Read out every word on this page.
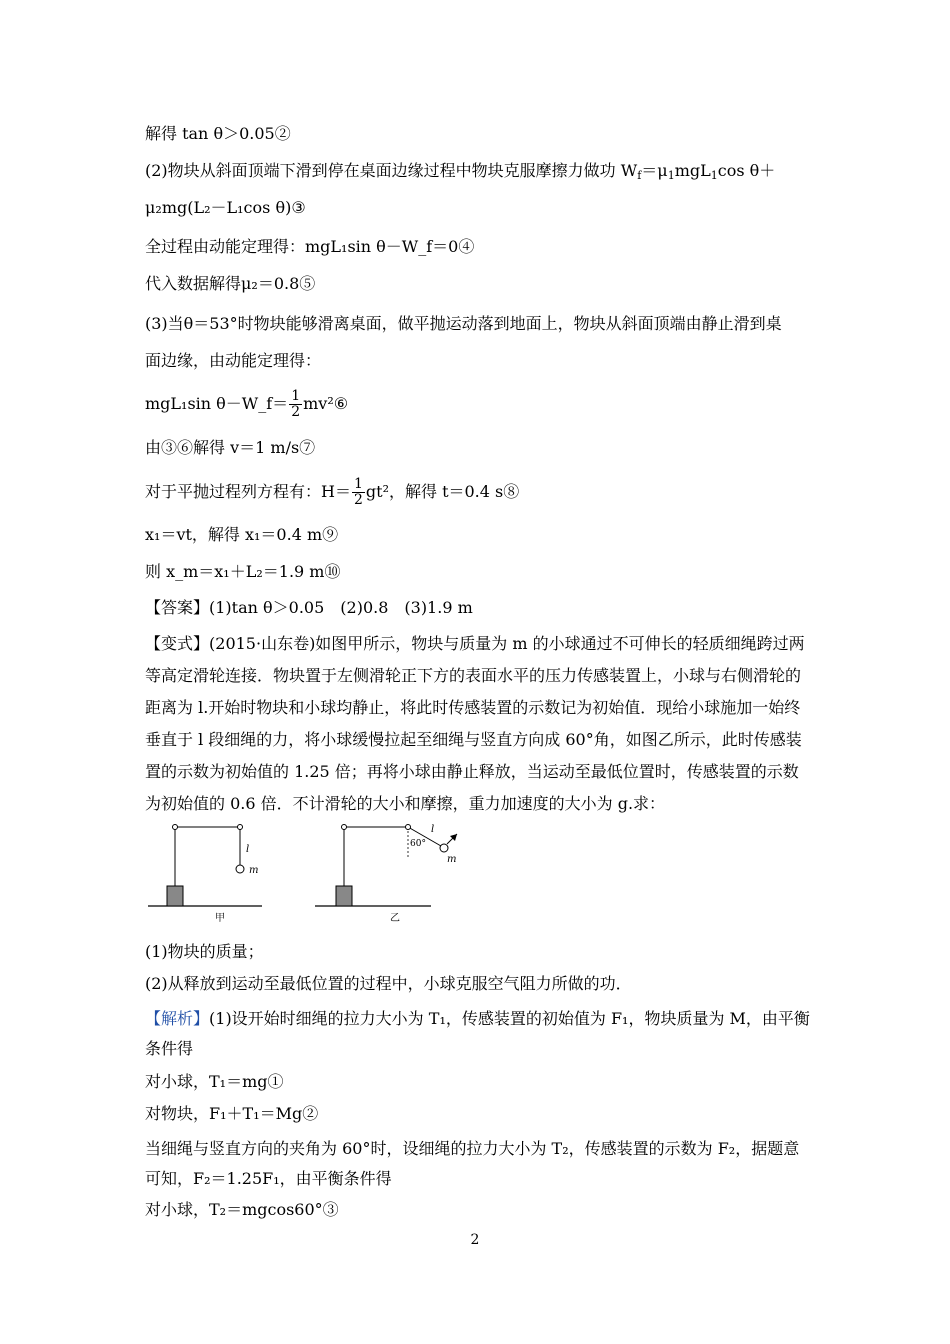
解得 tan θ＞0.05②
(2)物块从斜面顶端下滑到停在桌面边缘过程中物块克服摩擦力做功 $W_f=\mu_1mgL_1\cos$ θ＋
μ₂mg(L₂－L₁cos θ)③
全过程由动能定理得：mgL₁sin θ－W_f＝0④
代入数据解得μ₂＝0.8⑤
(3)当θ＝53°时物块能够滑离桌面，做平抛运动落到地面上，物块从斜面顶端由静止滑到桌
面边缘，由动能定理得：
mgL₁sin θ－W_f＝ $\frac{1}{2}$ mv²⑥
由③⑥解得 v＝1 m/s⑦
对于平抛过程列方程有：$H= \frac{1}{2} gt^2$，解得 t＝0.4 s⑧
x₁＝vt，解得 x₁＝0.4 m⑨
则 x_m＝x₁＋L₂＝1.9 m⑩
【答案】(1)tan θ＞0.05　(2)0.8　(3)1.9 m
【变式】(2015·山东卷)如图甲所示，物块与质量为 m 的小球通过不可伸长的轻质细绳跨过两等高定滑轮连接．物块置于左侧滑轮正下方的表面水平的压力传感装置上，小球与右侧滑轮的距离为 l.开始时物块和小球均静止，将此时传感装置的示数记为初始值．现给小球施加一始终垂直于 l 段细绳的力，将小球缓慢拉起至细绳与竖直方向成 60°角，如图乙所示，此时传感装置的示数为初始值的 1.25 倍；再将小球由静止释放，当运动至最低位置时，传感装置的示数为初始值的 0.6 倍．不计滑轮的大小和摩擦，重力加速度的大小为 g.求：
l
m
甲
60°
l
m
乙
(1)物块的质量；
(2)从释放到运动至最低位置的过程中，小球克服空气阻力所做的功．
【解析】(1)设开始时细绳的拉力大小为 T₁，传感装置的初始值为 F₁，物块质量为 M，由平衡条件得
对小球，T₁＝mg①
对物块，F₁＋T₁＝Mg②
当细绳与竖直方向的夹角为 60°时，设细绳的拉力大小为 T₂，传感装置的示数为 F₂，据题意可知，F₂＝1.25F₁，由平衡条件得
对小球，T₂＝mgcos60°③
2
